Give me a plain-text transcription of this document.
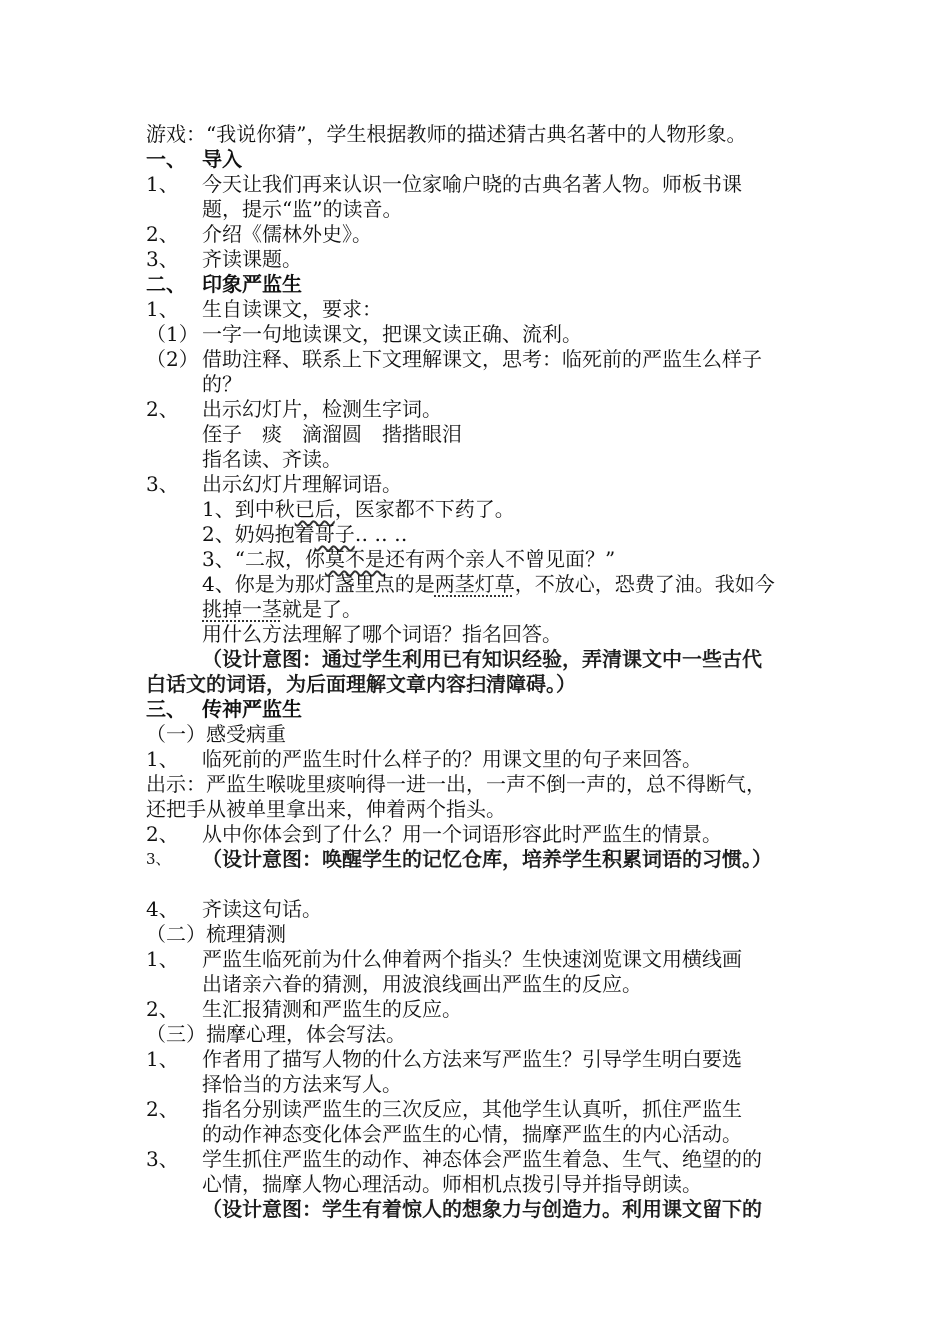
游戏：“我说你猜”，学生根据教师的描述猜古典名著中的人物形象。
一、 导入
1、 今天让我们再来认识一位家喻户晓的古典名著人物。师板书课
题，提示“监”的读音。
2、 介绍《儒林外史》。
3、 齐读课题。
二、 印象严监生
1、 生自读课文，要求：
（1） 一字一句地读课文，把课文读正确、流利。
（2） 借助注释、联系上下文理解课文，思考：临死前的严监生么样子
的？
2、 出示幻灯片，检测生字词。
侄子　痰　滴溜圆　揩揩眼泪
指名读、齐读。
3、 出示幻灯片理解词语。
1、到中秋已后，医家都不下药了。
2、奶妈抱着哥子‥ ‥ ‥
3、“二叔，你莫不是还有两个亲人不曾见面？”
4、你是为那灯盏里点的是两茎灯草，不放心，恐费了油。我如今
挑掉一茎就是了。
用什么方法理解了哪个词语？指名回答。
（设计意图：通过学生利用已有知识经验，弄清课文中一些古代
白话文的词语，为后面理解文章内容扫清障碍。）
三、 传神严监生
（一）感受病重
1、 临死前的严监生时什么样子的？用课文里的句子来回答。
出示：严监生喉咙里痰响得一进一出，一声不倒一声的，总不得断气，
还把手从被单里拿出来，伸着两个指头。
2、 从中你体会到了什么？用一个词语形容此时严监生的情景。
3、 （设计意图：唤醒学生的记忆仓库，培养学生积累词语的习惯。）
4、 齐读这句话。
（二）梳理猜测
1、 严监生临死前为什么伸着两个指头？生快速浏览课文用横线画
出诸亲六眷的猜测，用波浪线画出严监生的反应。
2、 生汇报猜测和严监生的反应。
（三）揣摩心理，体会写法。
1、 作者用了描写人物的什么方法来写严监生？引导学生明白要选
择恰当的方法来写人。
2、 指名分别读严监生的三次反应，其他学生认真听，抓住严监生
的动作神态变化体会严监生的心情，揣摩严监生的内心活动。
3、 学生抓住严监生的动作、神态体会严监生着急、生气、绝望的的
心情，揣摩人物心理活动。师相机点拨引导并指导朗读。
（设计意图：学生有着惊人的想象力与创造力。利用课文留下的
